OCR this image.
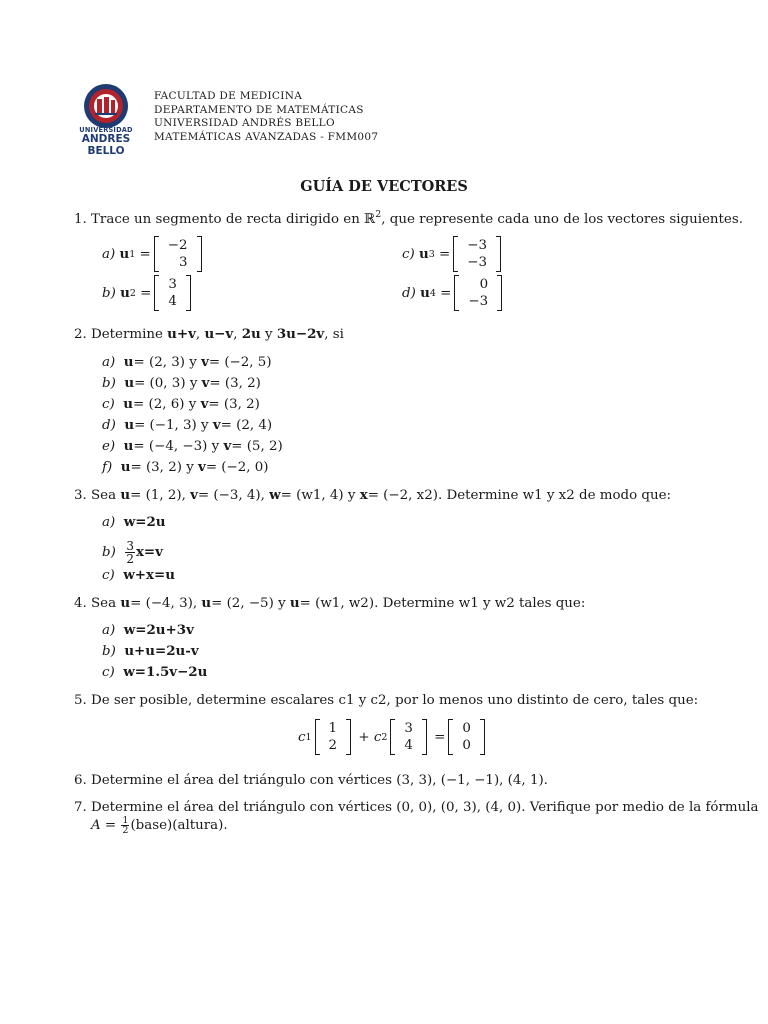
UNIVERSIDAD
ANDRES BELLO
FACULTAD DE MEDICINA
DEPARTAMENTO DE MATEMÁTICAS
UNIVERSIDAD ANDRÉS BELLO
MATEMÁTICAS AVANZADAS - FMM007
GUÍA DE VECTORES
1. Trace un segmento de recta dirigido en ℝ$^2$, que represente cada uno de los vectores siguientes.
a)
u 1 =
−2
3
b)
u 2 =
3
4
c)
u 3 =
−3
−3
d)
u 4 =
0
−3
2. Determine u+v, u−v, 2u y 3u−2v, si
a) u= (2, 3) y v= (−2, 5)
b) u= (0, 3) y v= (3, 2)
c) u= (2, 6) y v= (3, 2)
d) u= (−1, 3) y v= (2, 4)
e) u= (−4, −3) y v= (5, 2)
f) u= (3, 2) y v= (−2, 0)
3. Sea u= (1, 2), v= (−3, 4), w= (w1, 4) y x= (−2, x2). Determine w1 y x2 de modo que:
a) w=2u
$b) \frac{3}{2} x=v$
c) w+x=u
4. Sea u= (−4, 3), u= (2, −5) y u= (w1, w2). Determine w1 y w2 tales que:
a) w=2u+3v
b) u+u=2u-v
c) w=1.5v−2u
5. De ser posible, determine escalares c1 y c2, por lo menos uno distinto de cero, tales que:
c 1
1
2
+ c 2
3
4
=
0
0
6. Determine el área del triángulo con vértices (3, 3), (−1, −1), (4, 1).
7. Determine el área del triángulo con vértices (0, 0), (0, 3), (4, 0). Verifique por medio de la fórmula
$A = \frac{1}{2}$ (base)(altura).
